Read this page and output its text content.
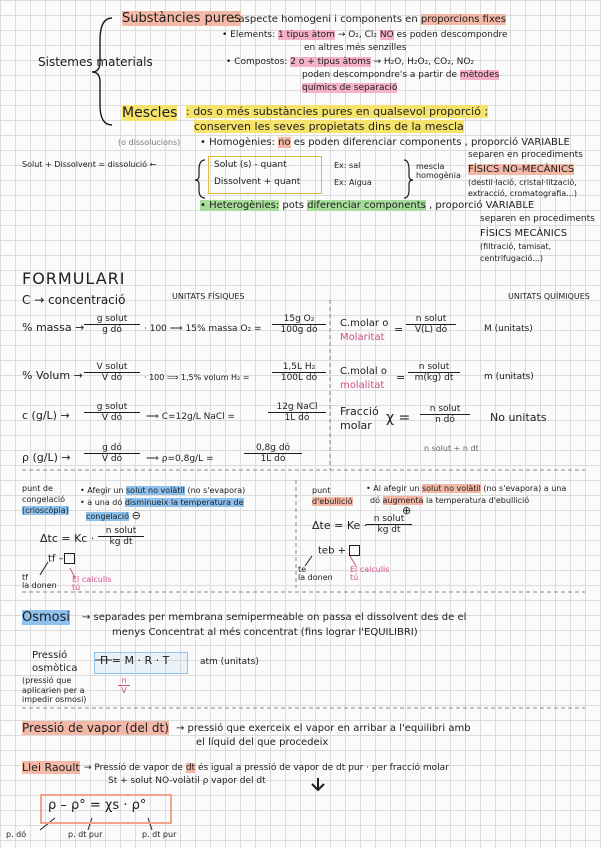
Sistemes materials
Substàncies pures
: aspecte homogeni i components en proporcions fixes
• Elements: 1 tipus àtom → O₂, Cl₂ NO es poden descompondre
en altres més senzilles
• Compostos: 2 o + tipus àtoms → H₂O, H₂O₂, CO₂, NO₂
poden descompondre's a partir de mètodes
químics de separació
Mescles : dos o més substàncies pures en qualsevol proporció ;
conserven les seves propietats dins de la mescla
(o dissolucions) • Homogènies: no es poden diferenciar components , proporció VARIABLE
Solut + Dissolvent = dissolució ←	Solut (s) - quant
Dissolvent + quant
Ex: sal
Ex: Aigua
mescla homogènia
separen en procediments
FÍSICS NO-MECÀNICS
(destil·lació, cristal·lització,
extracció, cromatografia...)
• Heterogènies: pots diferenciar components , proporció VARIABLE
separen en procediments
FÍSICS MECÀNICS
(filtració, tamisat,
centrifugació...)
FORMULARI
C → concentració	UNITATS FÍSIQUES	UNITATS QUÍMIQUES
% massa →
g solut
g dó	· 100 ⟹ 15% massa $O_2 = \frac{\text{15g O₂}}{\text{100g dó}}$
% Volum →
V solut
V dó	· 100 ⟹ 1,5% volum $H_2 = \frac{\text{1,5L H₂}}{\text{100L dó}}$
c (g/L) →
g solut
V dó	⟹ C=12g/L NaCl =
12g NaCl
1L dó
ρ $(g/L) \to \frac{\text{g dó}}{\text{V dó}}$ ⟹ ρ=0,8g/L =	$\frac{\text{0,8g dó}}{\text{1L dó}}$
C.molar o
Molaritat
=
n solut
V(L) dó	M (unitats)
C.molal o
molalitat
=
n solut
m(kg) dt	m (unitats)
Fracció
molar χ =
n solut
n dó	No unitats
n solut + n dt
punt de
congelació
(crioscòpia)
• Afegir un solut no volàtil (no s'evapora)
• a una dó disminueix la temperatura de
congelació ⊖
Δtc = Kc ·
n solut
kg dt
tf –
tf
la donen
El calculis tú
punt
d'ebullició
• Al afegir un solut no volàtil (no s'evapora) a una
dó augmenta la temperatura d'ebullició
⊕
Δte = Ke · n solut
kg dt
teb +
te
la donen
El calculis tú
Osmosi → separades per membrana semipermeable on passa el dissolvent des de el
menys Concentrat al més concentrat (fins lograr l'EQUILIBRI)
Pressió
osmòtica
Π = M · R · T	atm (unitats)
$\frac{n}{V}$
(pressió que
aplicarien per a
impedir osmosi)
Pressió de vapor (del dt) → pressió que exerceix el vapor en arribar a l'equilibri amb
el líquid del que procedeix
Llei Raoult → Pressió de vapor de dt és igual a pressió de vapor de dt pur · per fracció molar
St + solut NO-volàtil ρ vapor del dt
ρ – ρ° = χs · ρ°
p. dó	p. dt pur	p. dt pur
